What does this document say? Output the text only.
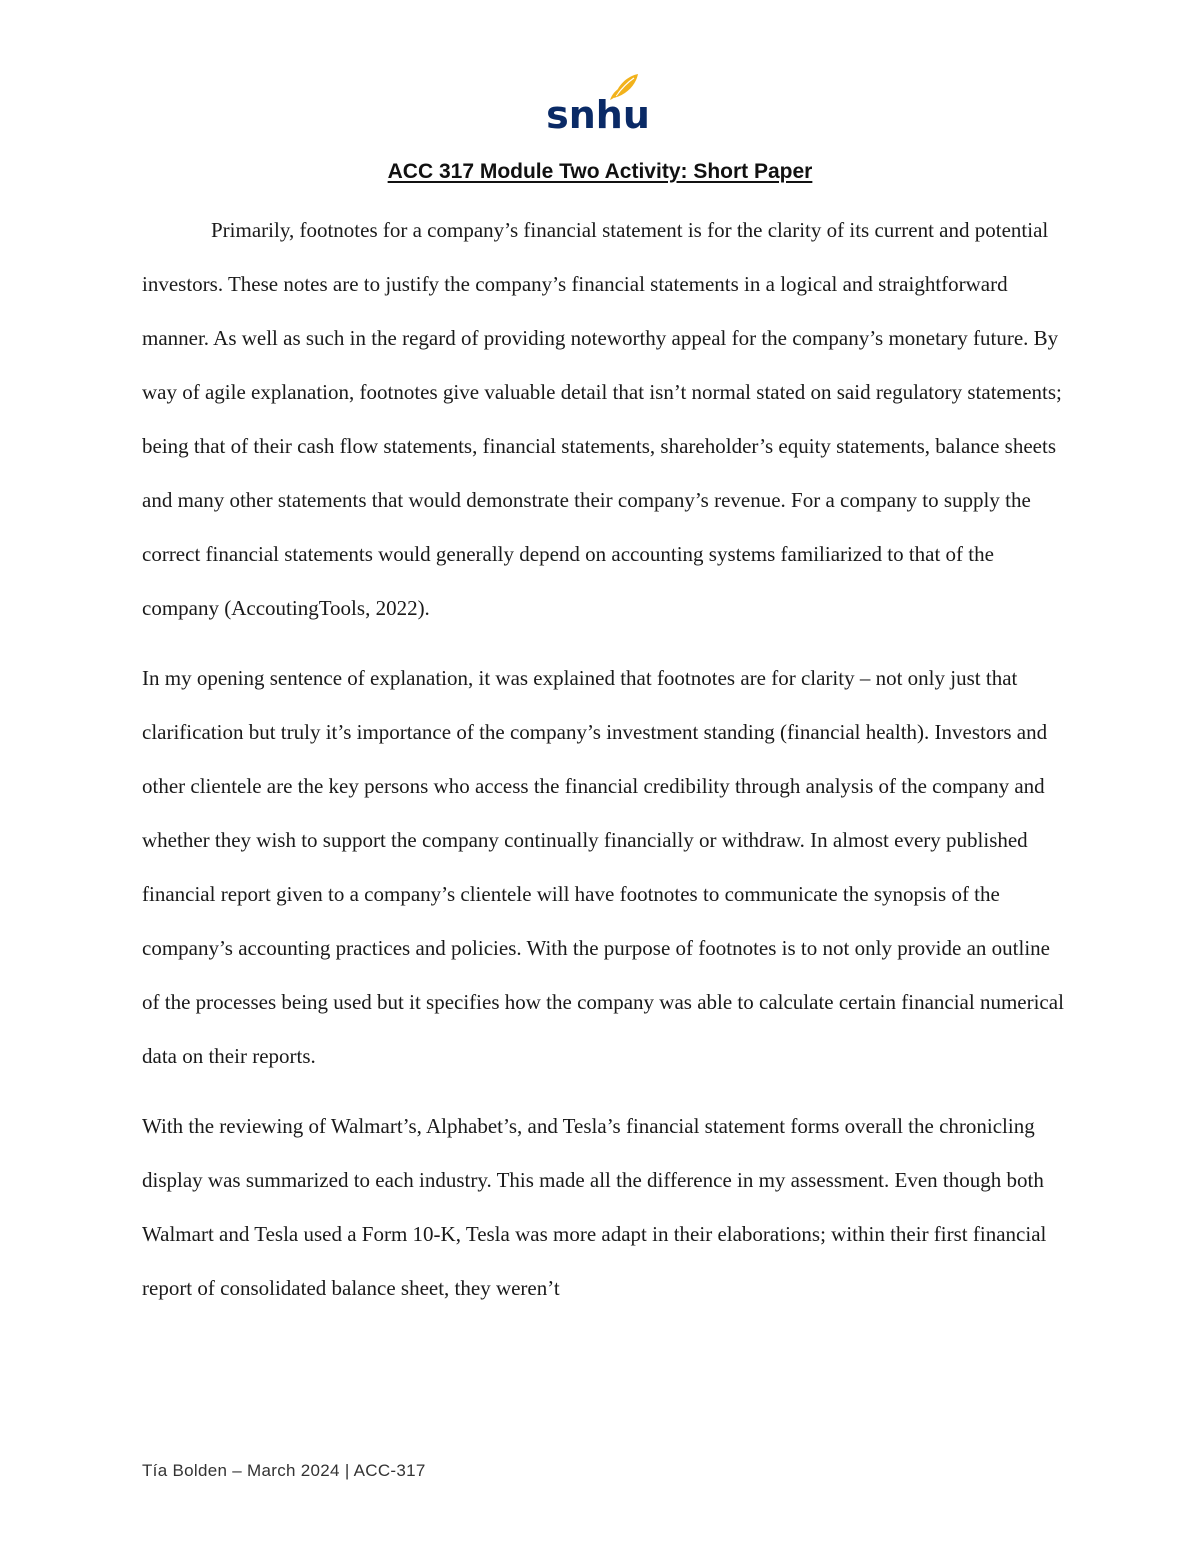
snhu
ACC 317 Module Two Activity: Short Paper

Primarily, footnotes for a company’s financial statement is for the clarity of its current and potential investors. These notes are to justify the company’s financial statements in a logical and straightforward manner. As well as such in the regard of providing noteworthy appeal for the company’s monetary future. By way of agile explanation, footnotes give valuable detail that isn’t normal stated on said regulatory statements; being that of their cash flow statements, financial statements, shareholder’s equity statements, balance sheets and many other statements that would demonstrate their company’s revenue. For a company to supply the correct financial statements would generally depend on accounting systems familiarized to that of the company (AccoutingTools, 2022).

In my opening sentence of explanation, it was explained that footnotes are for clarity – not only just that clarification but truly it’s importance of the company’s investment standing (financial health). Investors and other clientele are the key persons who access the financial credibility through analysis of the company and whether they wish to support the company continually financially or withdraw. In almost every published financial report given to a company’s clientele will have footnotes to communicate the synopsis of the company’s accounting practices and policies. With the purpose of footnotes is to not only provide an outline of the processes being used but it specifies how the company was able to calculate certain financial numerical data on their reports.

With the reviewing of Walmart’s, Alphabet’s, and Tesla’s financial statement forms overall the chronicling display was summarized to each industry. This made all the difference in my assessment. Even though both Walmart and Tesla used a Form 10-K, Tesla was more adapt in their elaborations; within their first financial report of consolidated balance sheet, they weren’t

Tía Bolden – March 2024 | ACC-317
